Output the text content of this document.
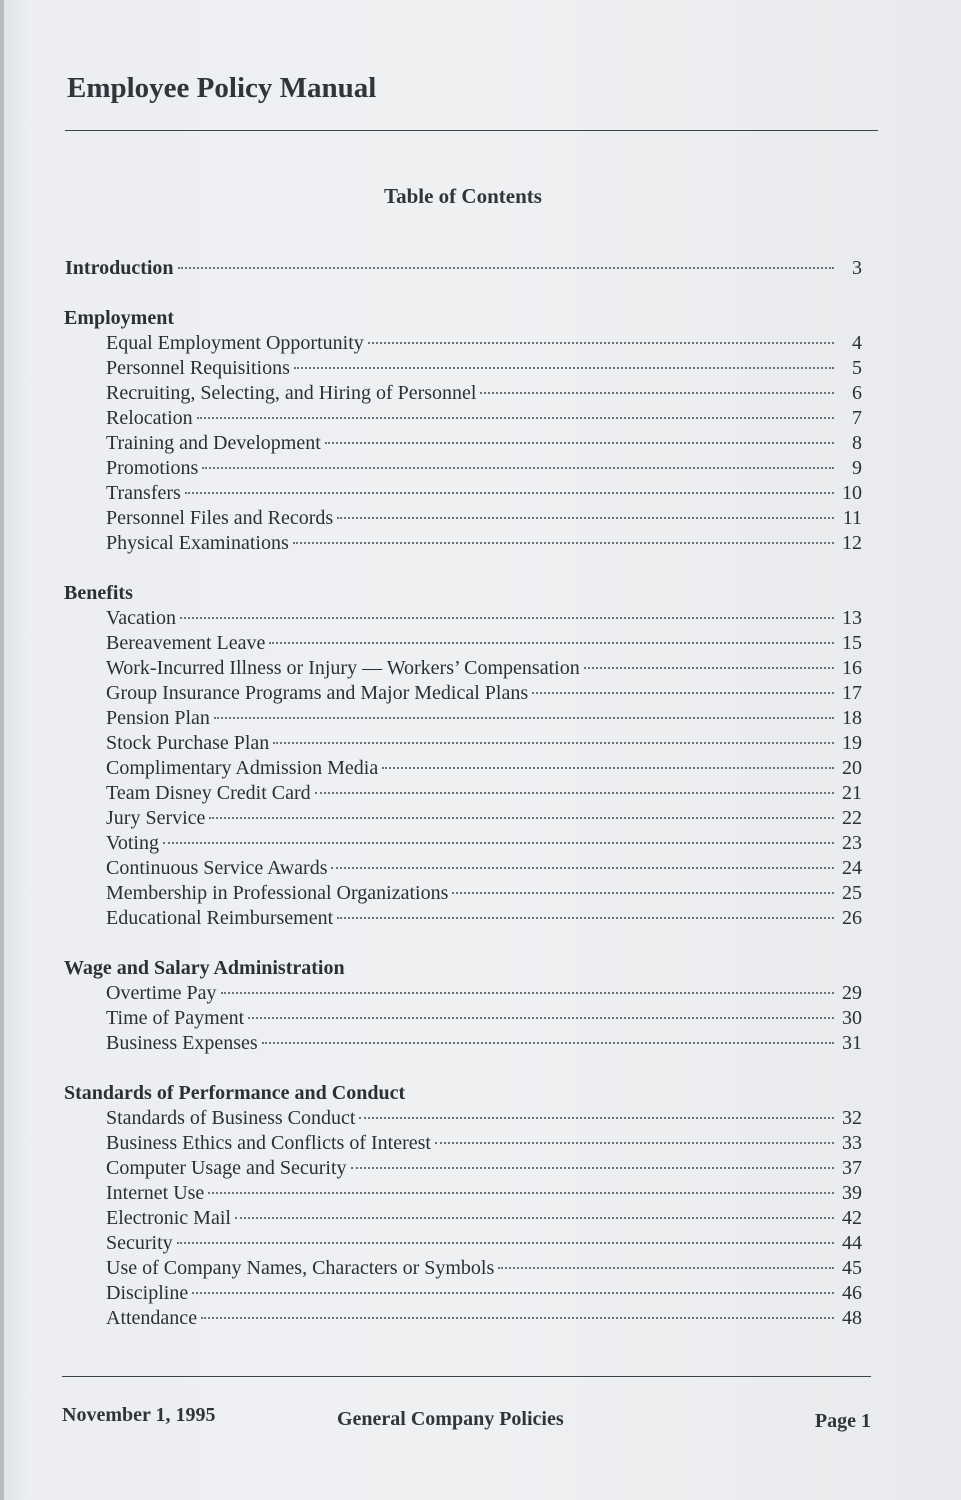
Employee Policy Manual
Table of Contents
Introduction	3
Employment
Equal Employment Opportunity	4
Personnel Requisitions	5
Recruiting, Selecting, and Hiring of Personnel	6
Relocation	7
Training and Development	8
Promotions	9
Transfers	10
Personnel Files and Records	11
Physical Examinations	12
Benefits
Vacation	13
Bereavement Leave	15
Work-Incurred Illness or Injury — Workers’ Compensation	16
Group Insurance Programs and Major Medical Plans	17
Pension Plan	18
Stock Purchase Plan	19
Complimentary Admission Media	20
Team Disney Credit Card	21
Jury Service	22
Voting	23
Continuous Service Awards	24
Membership in Professional Organizations	25
Educational Reimbursement	26
Wage and Salary Administration
Overtime Pay	29
Time of Payment	30
Business Expenses	31
Standards of Performance and Conduct
Standards of Business Conduct	32
Business Ethics and Conflicts of Interest	33
Computer Usage and Security	37
Internet Use	39
Electronic Mail	42
Security	44
Use of Company Names, Characters or Symbols	45
Discipline	46
Attendance	48
November 1, 1995	General Company Policies	Page 1
